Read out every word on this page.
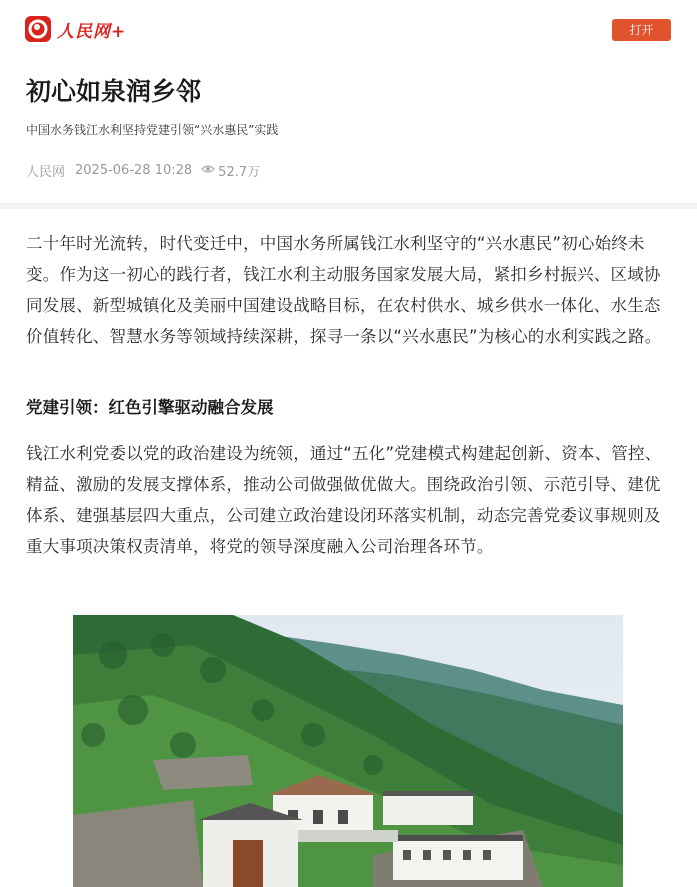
人民网+	打开
初心如泉润乡邻
中国水务钱江水利坚持党建引领“兴水惠民”实践
人民网 2025-06-28 10:28 52.7万

二十年时光流转，时代变迁中，中国水务所属钱江水利坚守的“兴水惠民”初心始终未变。作为这一初心的践行者，钱江水利主动服务国家发展大局，紧扣乡村振兴、区域协同发展、新型城镇化及美丽中国建设战略目标，在农村供水、城乡供水一体化、水生态价值转化、智慧水务等领域持续深耕，探寻一条以“兴水惠民”为核心的水利实践之路。

党建引领：红色引擎驱动融合发展

钱江水利党委以党的政治建设为统领，通过“五化”党建模式构建起创新、资本、管控、精益、激励的发展支撑体系，推动公司做强做优做大。围绕政治引领、示范引导、建优体系、建强基层四大重点，公司建立政治建设闭环落实机制，动态完善党委议事规则及重大事项决策权责清单，将党的领导深度融入公司治理各环节。
